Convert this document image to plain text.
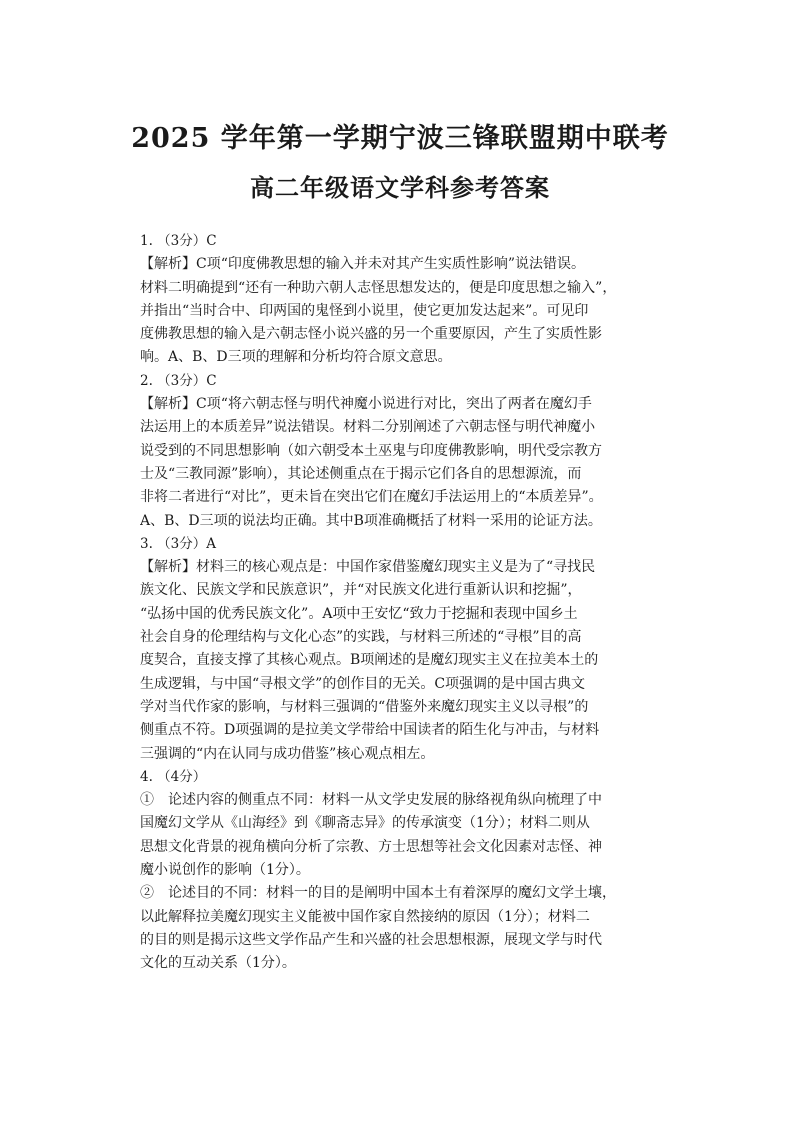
2025 学年第一学期宁波三锋联盟期中联考
高二年级语文学科参考答案
1. （3分）C
【解析】C项“印度佛教思想的输入并未对其产生实质性影响”说法错误。
材料二明确提到“还有一种助六朝人志怪思想发达的，便是印度思想之输入”，
并指出“当时合中、印两国的鬼怪到小说里，使它更加发达起来”。可见印
度佛教思想的输入是六朝志怪小说兴盛的另一个重要原因，产生了实质性影
响。A、B、D三项的理解和分析均符合原文意思。
2. （3分）C
【解析】C项“将六朝志怪与明代神魔小说进行对比，突出了两者在魔幻手
法运用上的本质差异”说法错误。材料二分别阐述了六朝志怪与明代神魔小
说受到的不同思想影响（如六朝受本土巫鬼与印度佛教影响，明代受宗教方
士及“三教同源”影响），其论述侧重点在于揭示它们各自的思想源流，而
非将二者进行“对比”，更未旨在突出它们在魔幻手法运用上的“本质差异”。
A、B、D三项的说法均正确。其中B项准确概括了材料一采用的论证方法。
3. （3分）A
【解析】材料三的核心观点是：中国作家借鉴魔幻现实主义是为了“寻找民
族文化、民族文学和民族意识”，并“对民族文化进行重新认识和挖掘”，
“弘扬中国的优秀民族文化”。A项中王安忆“致力于挖掘和表现中国乡土
社会自身的伦理结构与文化心态”的实践，与材料三所述的“寻根”目的高
度契合，直接支撑了其核心观点。B项阐述的是魔幻现实主义在拉美本土的
生成逻辑，与中国“寻根文学”的创作目的无关。C项强调的是中国古典文
学对当代作家的影响，与材料三强调的“借鉴外来魔幻现实主义以寻根”的
侧重点不符。D项强调的是拉美文学带给中国读者的陌生化与冲击，与材料
三强调的“内在认同与成功借鉴”核心观点相左。
4. （4分）
①　论述内容的侧重点不同：材料一从文学史发展的脉络视角纵向梳理了中
国魔幻文学从《山海经》到《聊斋志异》的传承演变（1分）；材料二则从
思想文化背景的视角横向分析了宗教、方士思想等社会文化因素对志怪、神
魔小说创作的影响（1分）。
②　论述目的不同：材料一的目的是阐明中国本土有着深厚的魔幻文学土壤，
以此解释拉美魔幻现实主义能被中国作家自然接纳的原因（1分）；材料二
的目的则是揭示这些文学作品产生和兴盛的社会思想根源，展现文学与时代
文化的互动关系（1分）。
